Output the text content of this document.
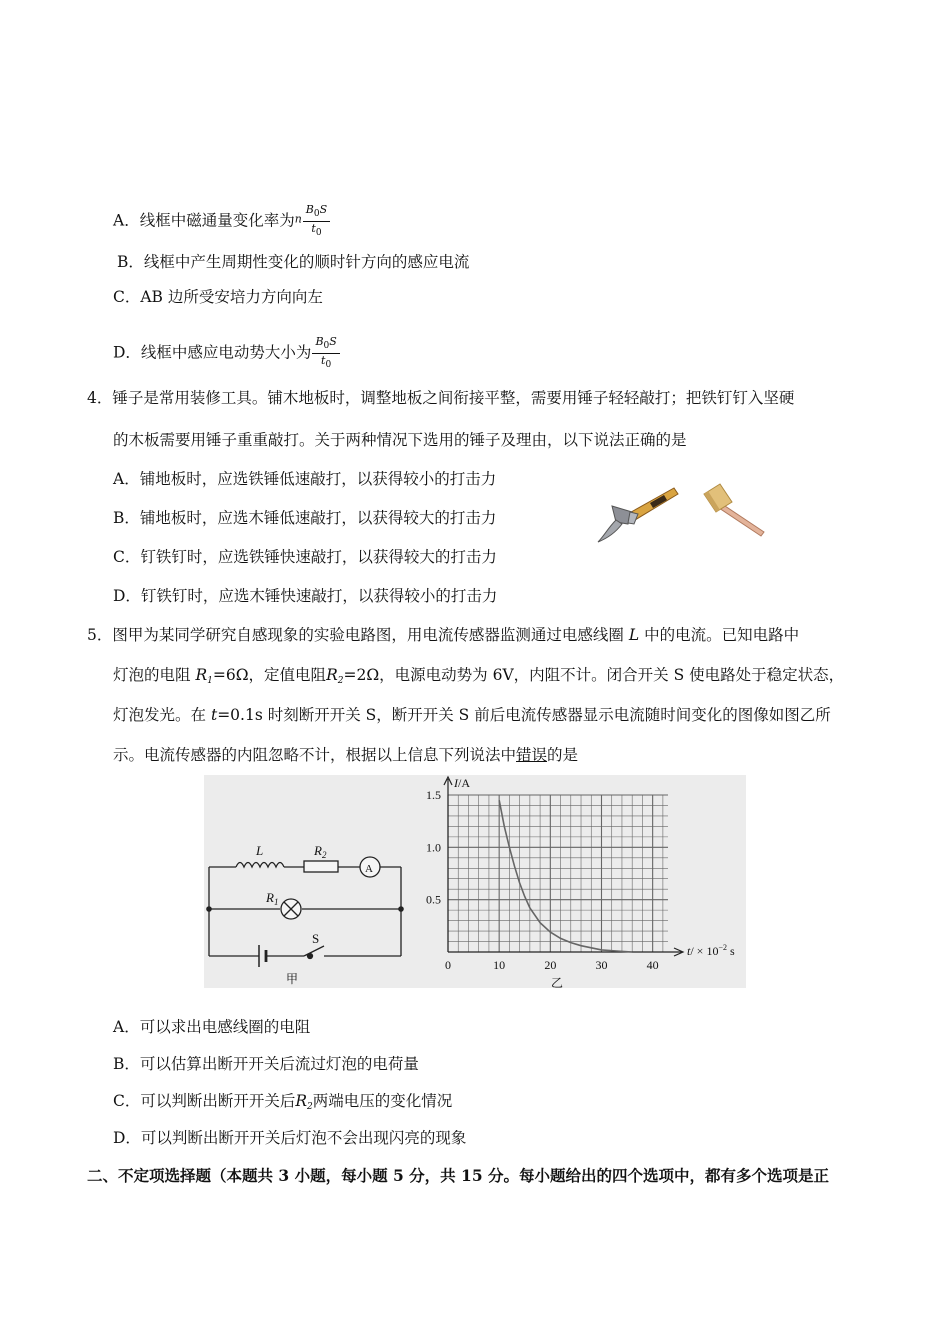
A．线框中磁通量变化率为n $\frac{B_0S}{t_0}$
B．线框中产生周期性变化的顺时针方向的感应电流
C．AB 边所受安培力方向向左
D．线框中感应电动势大小为 $\frac{B_0S}{t_0}$
4．锤子是常用装修工具。铺木地板时，调整地板之间衔接平整，需要用锤子轻轻敲打；把铁钉钉入坚硬
的木板需要用锤子重重敲打。关于两种情况下选用的锤子及理由，以下说法正确的是
A．铺地板时，应选铁锤低速敲打，以获得较小的打击力
B．铺地板时，应选木锤低速敲打，以获得较大的打击力
C．钉铁钉时，应选铁锤快速敲打，以获得较大的打击力
D．钉铁钉时，应选木锤快速敲打，以获得较小的打击力
5．图甲为某同学研究自感现象的实验电路图，用电流传感器监测通过电感线圈 L 中的电流。已知电路中
灯泡的电阻 $R_1=6\Omega$，定值电阻$R_2=2\Omega$，电源电动势为 6V，内阻不计。闭合开关 S 使电路处于稳定状态，
灯泡发光。在 t=0.1s 时刻断开开关 S，断开开关 S 前后电流传感器显示电流随时间变化的图像如图乙所
示。电流传感器的内阻忽略不计，根据以上信息下列说法中错误的是
L	$R_2$
A
$R_1$
S
甲
1.5
1.0
0.5
0	10	20	30	40
I/A
$t/ \times 10^{-2}$ s
乙
A．可以求出电感线圈的电阻
B．可以估算出断开开关后流过灯泡的电荷量
C．可以判断出断开开关后$R_2$两端电压的变化情况
D．可以判断出断开开关后灯泡不会出现闪亮的现象
二、不定项选择题（本题共 3 小题，每小题 5 分，共 15 分。每小题给出的四个选项中，都有多个选项是正
